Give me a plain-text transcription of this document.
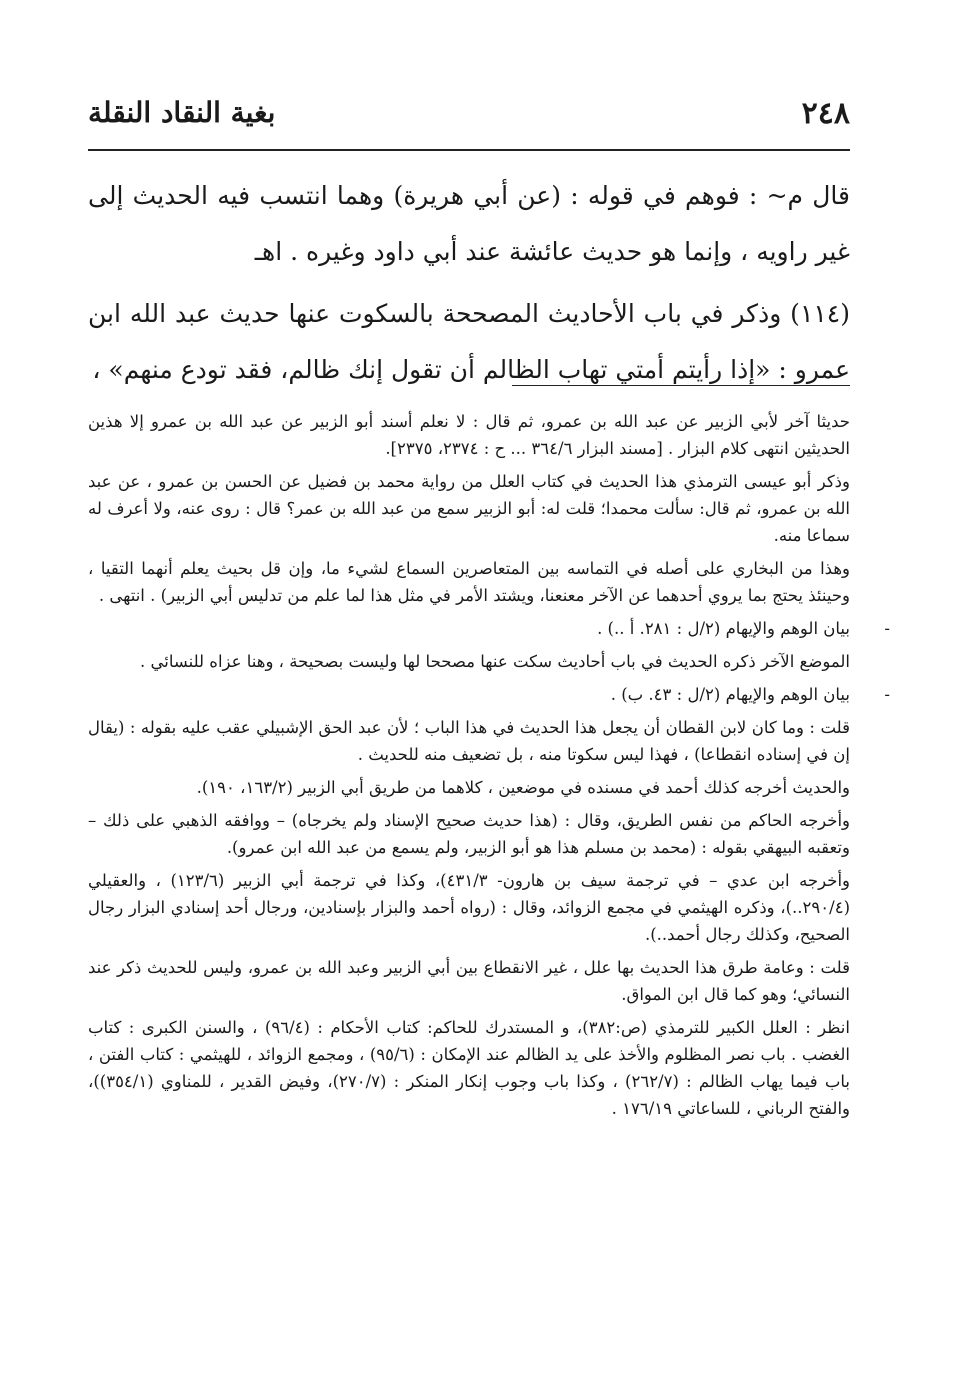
٢٤٨
بغية النقاد النقلة

قال م~ : فوهم في قوله : (عن أبي هريرة) وهما انتسب فيه الحديث إلى غير راويه ، وإنما هو حديث عائشة عند أبي داود وغيره . اهـ

(١١٤) وذكر في باب الأحاديث المصححة بالسكوت عنها حديث عبد الله ابن عمرو : «إذا رأيتم أمتي تهاب الظالم أن تقول إنك ظالم، فقد تودع منهم» ،

حديثا آخر لأبي الزبير عن عبد الله بن عمرو، ثم قال : لا نعلم أسند أبو الزبير عن عبد الله بن عمرو إلا هذين الحديثين انتهى كلام البزار . [مسند البزار ٣٦٤/٦ ... ح : ٢٣٧٤، ٢٣٧٥].

وذكر أبو عيسى الترمذي هذا الحديث في كتاب العلل من رواية محمد بن فضيل عن الحسن بن عمرو ، عن عبد الله بن عمرو، ثم قال: سألت محمدا؛ قلت له: أبو الزبير سمع من عبد الله بن عمر؟ قال : روى عنه، ولا أعرف له سماعا منه.

وهذا من البخاري على أصله في التماسه بين المتعاصرين السماع لشيء ما، وإن قل بحيث يعلم أنهما التقيا ، وحينئذ يحتج بما يروي أحدهما عن الآخر معنعنا، ويشتد الأمر في مثل هذا لما علم من تدليس أبي الزبير) . انتهى .

-
بيان الوهم والإيهام (٢/ل : ٢٨١. أ ..) .

الموضع الآخر ذكره الحديث في باب أحاديث سكت عنها مصححا لها وليست بصحيحة ، وهنا عزاه للنسائي .

-
بيان الوهم والإيهام (٢/ل : ٤٣. ب) .

قلت : وما كان لابن القطان أن يجعل هذا الحديث في هذا الباب ؛ لأن عبد الحق الإشبيلي عقب عليه بقوله : (يقال إن في إسناده انقطاعا) ، فهذا ليس سكوتا منه ، بل تضعيف منه للحديث .

والحديث أخرجه كذلك أحمد في مسنده في موضعين ، كلاهما من طريق أبي الزبير (١٦٣/٢، ١٩٠).

وأخرجه الحاكم من نفس الطريق، وقال : (هذا حديث صحيح الإسناد ولم يخرجاه) – ووافقه الذهبي على ذلك – وتعقبه البيهقي بقوله : (محمد بن مسلم هذا هو أبو الزبير، ولم يسمع من عبد الله ابن عمرو).

وأخرجه ابن عدي – في ترجمة سيف بن هارون- ٤٣١/٣)، وكذا في ترجمة أبي الزبير (١٢٣/٦) ، والعقيلي (٢٩٠/٤..)، وذكره الهيثمي في مجمع الزوائد، وقال : (رواه أحمد والبزار بإسنادين، ورجال أحد إسنادي البزار رجال الصحيح، وكذلك رجال أحمد..).

قلت : وعامة طرق هذا الحديث بها علل ، غير الانقطاع بين أبي الزبير وعبد الله بن عمرو، وليس للحديث ذكر عند النسائي؛ وهو كما قال ابن المواق.

انظر : العلل الكبير للترمذي (ص:٣٨٢)، و المستدرك للحاكم: كتاب الأحكام : (٩٦/٤) ، والسنن الكبرى : كتاب الغضب . باب نصر المظلوم والأخذ على يد الظالم عند الإمكان : (٩٥/٦) ، ومجمع الزوائد ، للهيثمي : كتاب الفتن ، باب فيما يهاب الظالم : (٢٦٢/٧) ، وكذا باب وجوب إنكار المنكر : (٢٧٠/٧)، وفيض القدير ، للمناوي (٣٥٤/١))، والفتح الرباني ، للساعاتي ١٧٦/١٩ .
